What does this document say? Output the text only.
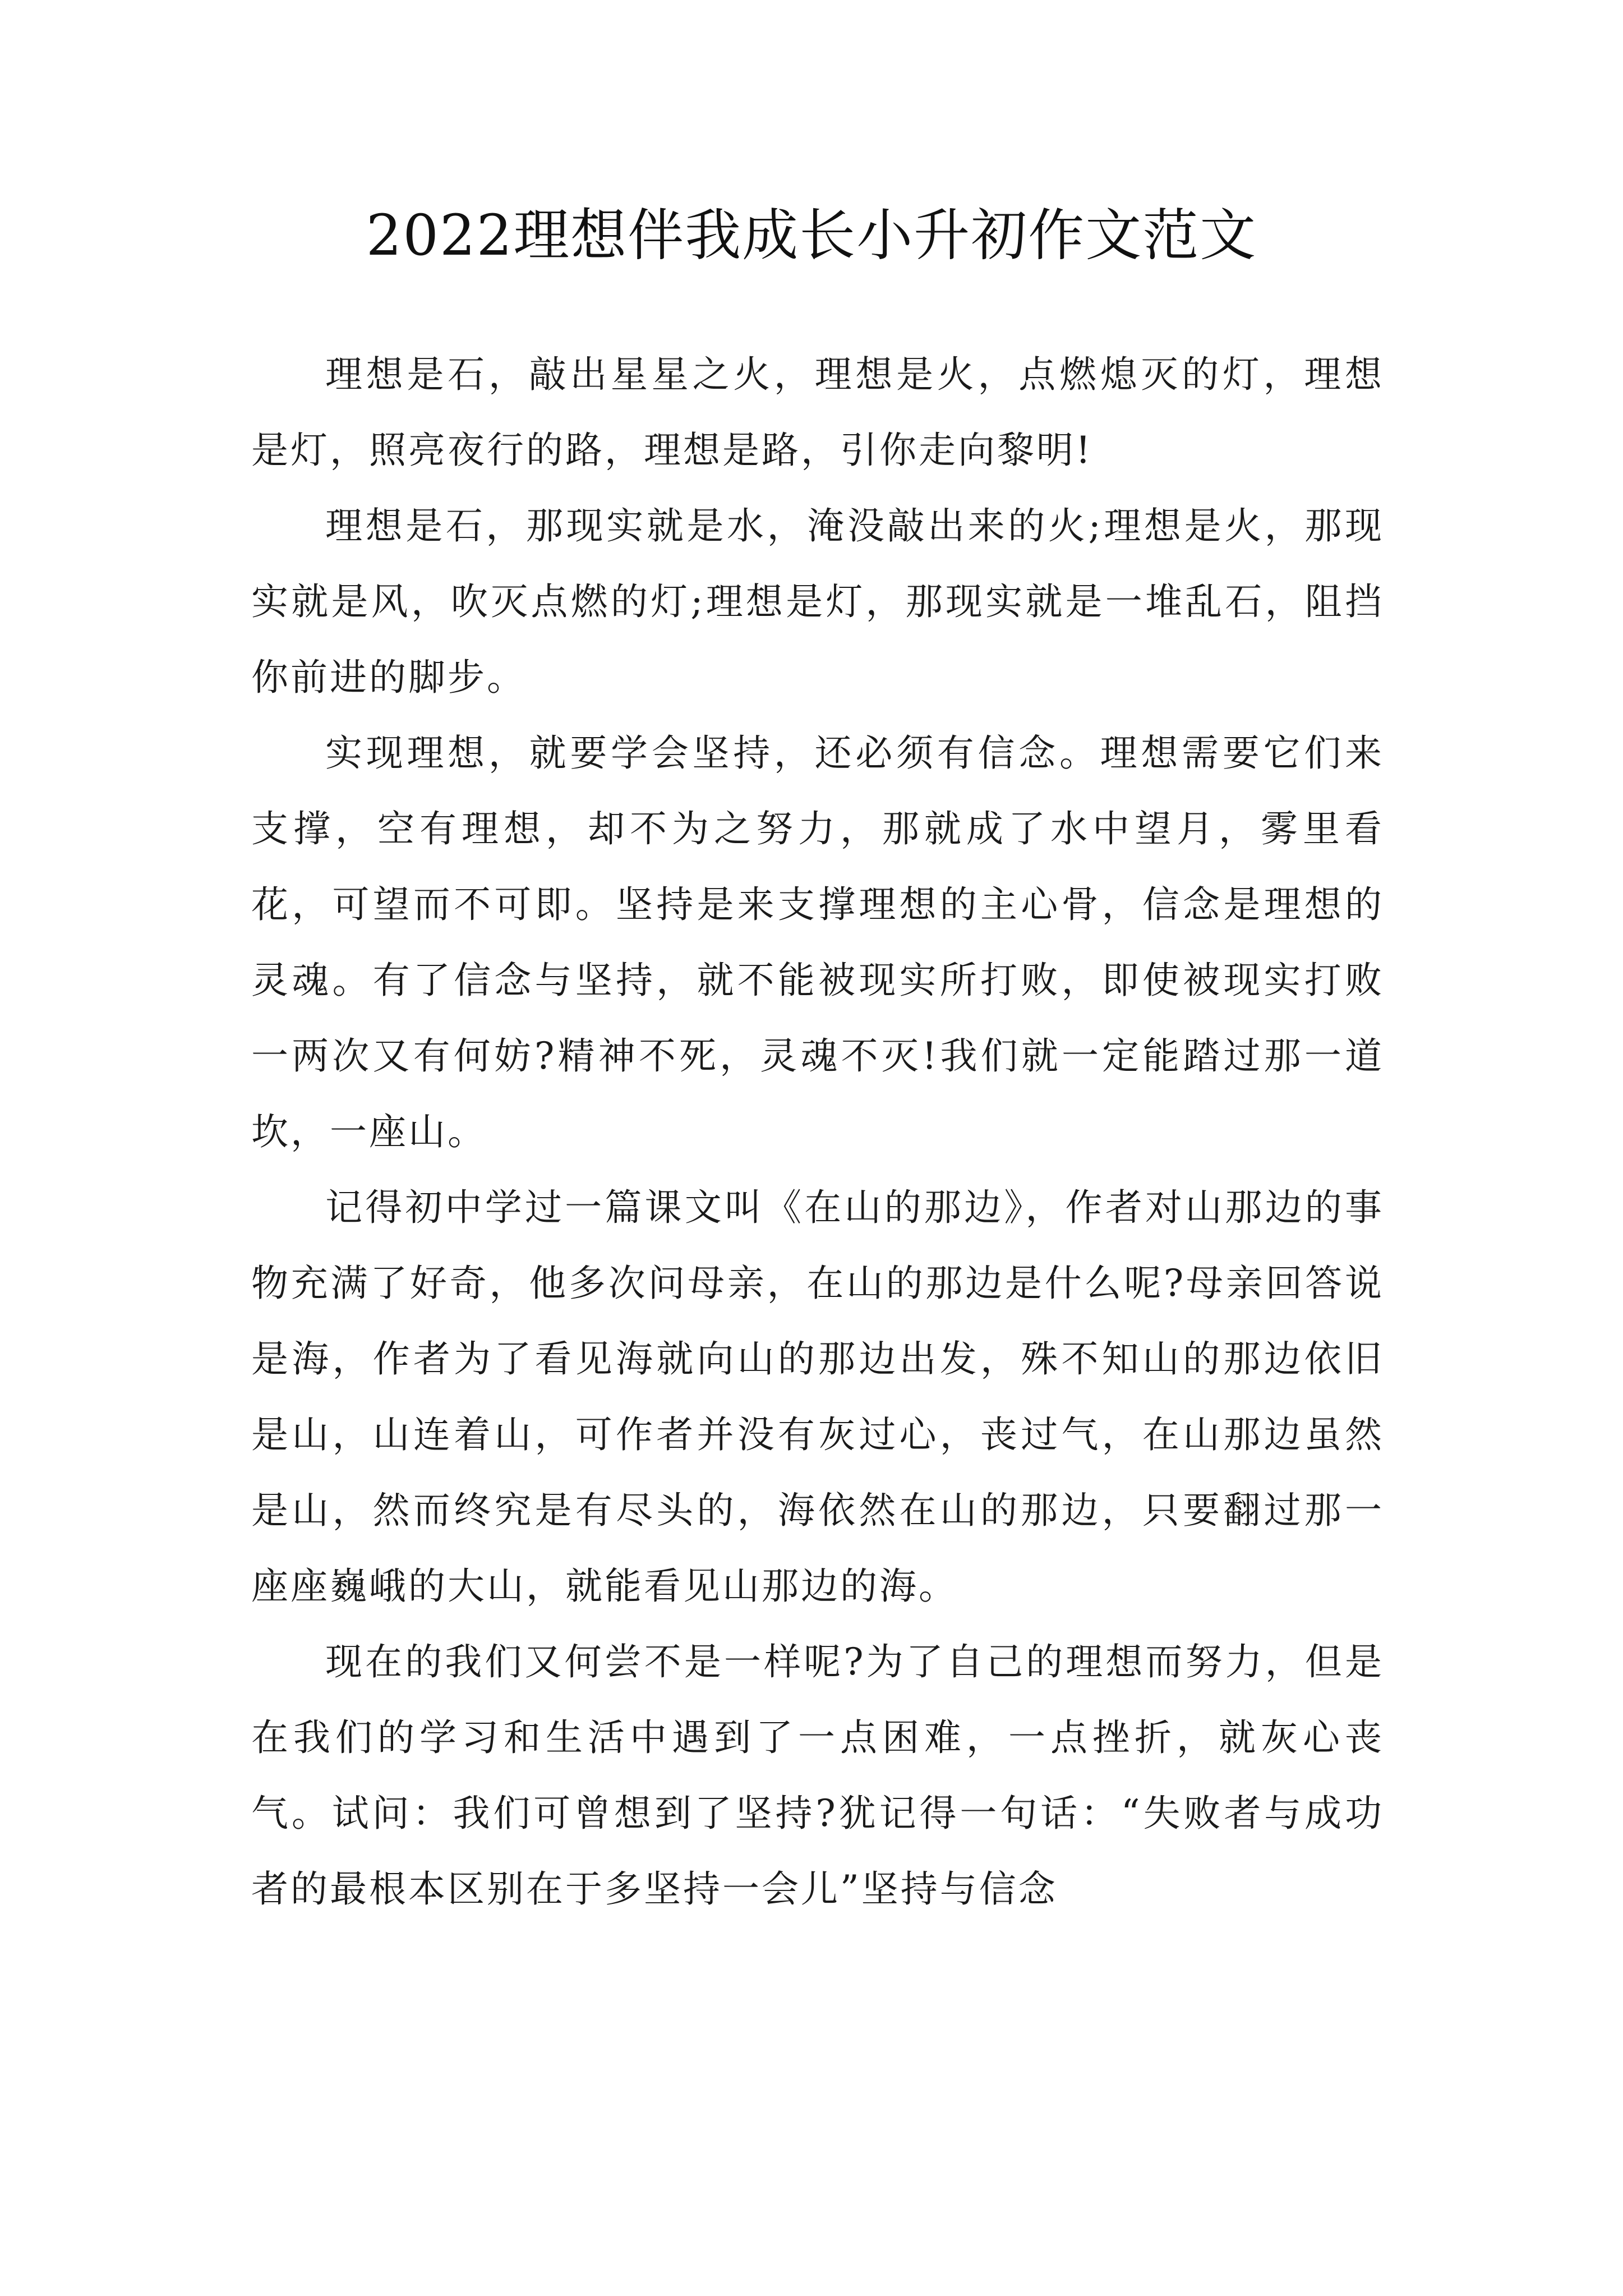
2022理想伴我成长小升初作文范文

理想是石，敲出星星之火，理想是火，点燃熄灭的灯，理想是灯，照亮夜行的路，理想是路，引你走向黎明!

理想是石，那现实就是水，淹没敲出来的火;理想是火，那现实就是风，吹灭点燃的灯;理想是灯，那现实就是一堆乱石，阻挡你前进的脚步。

实现理想，就要学会坚持，还必须有信念。理想需要它们来支撑，空有理想，却不为之努力，那就成了水中望月，雾里看花，可望而不可即。坚持是来支撑理想的主心骨，信念是理想的灵魂。有了信念与坚持，就不能被现实所打败，即使被现实打败一两次又有何妨?精神不死，灵魂不灭!我们就一定能踏过那一道坎，一座山。

记得初中学过一篇课文叫《在山的那边》，作者对山那边的事物充满了好奇，他多次问母亲，在山的那边是什么呢?母亲回答说是海，作者为了看见海就向山的那边出发，殊不知山的那边依旧是山，山连着山，可作者并没有灰过心，丧过气，在山那边虽然是山，然而终究是有尽头的，海依然在山的那边，只要翻过那一座座巍峨的大山，就能看见山那边的海。

现在的我们又何尝不是一样呢?为了自己的理想而努力，但是在我们的学习和生活中遇到了一点困难，一点挫折，就灰心丧气。试问：我们可曾想到了坚持?犹记得一句话：“失败者与成功者的最根本区别在于多坚持一会儿”坚持与信念
